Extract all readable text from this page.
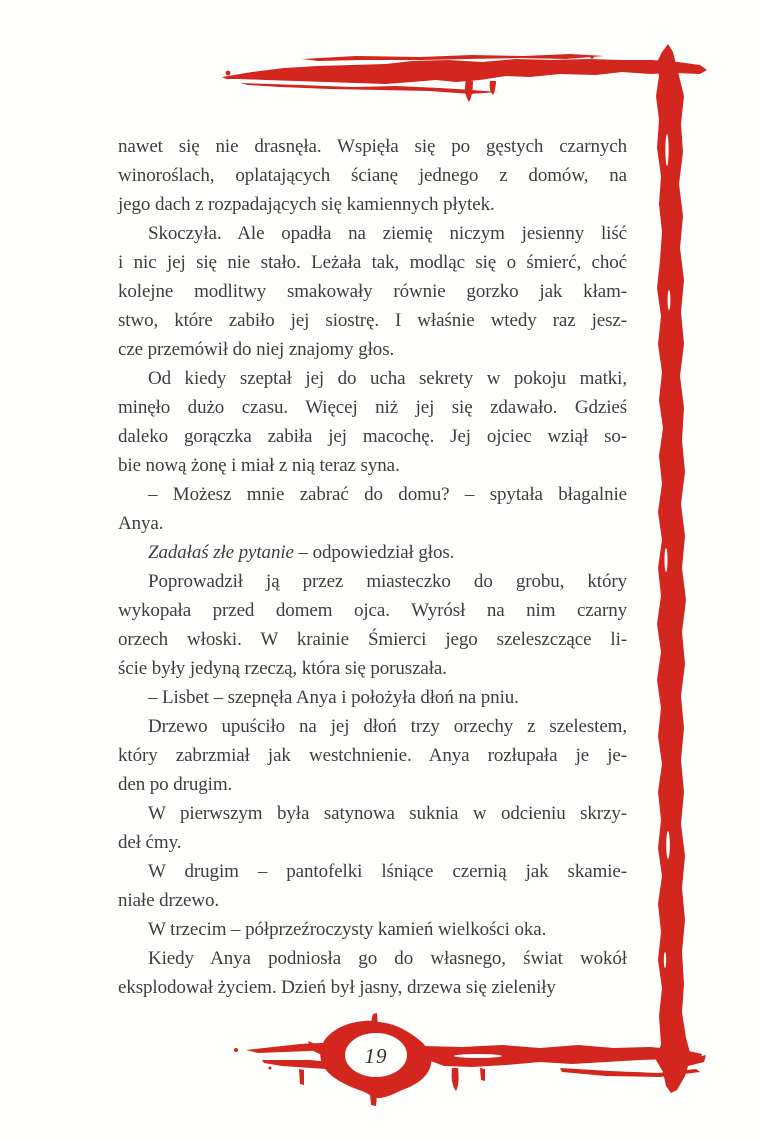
nawet się nie drasnęła. Wspięła się po gęstych czarnych
winoroślach, oplatających ścianę jednego z domów, na
jego dach z rozpadających się kamiennych płytek.
Skoczyła. Ale opadła na ziemię niczym jesienny liść
i nic jej się nie stało. Leżała tak, modląc się o śmierć, choć
kolejne modlitwy smakowały równie gorzko jak kłam-
stwo, które zabiło jej siostrę. I właśnie wtedy raz jesz-
cze przemówił do niej znajomy głos.
Od kiedy szeptał jej do ucha sekrety w pokoju matki,
minęło dużo czasu. Więcej niż jej się zdawało. Gdzieś
daleko gorączka zabiła jej macochę. Jej ojciec wziął so-
bie nową żonę i miał z nią teraz syna.
– Możesz mnie zabrać do domu? – spytała błagalnie
Anya.
Zadałaś złe pytanie – odpowiedział głos.
Poprowadził ją przez miasteczko do grobu, który
wykopała przed domem ojca. Wyrósł na nim czarny
orzech włoski. W krainie Śmierci jego szeleszczące li-
ście były jedyną rzeczą, która się poruszała.
– Lisbet – szepnęła Anya i położyła dłoń na pniu.
Drzewo upuściło na jej dłoń trzy orzechy z szelestem,
który zabrzmiał jak westchnienie. Anya rozłupała je je-
den po drugim.
W pierwszym była satynowa suknia w odcieniu skrzy-
deł ćmy.
W drugim – pantofelki lśniące czernią jak skamie-
niałe drzewo.
W trzecim – półprzeźroczysty kamień wielkości oka.
Kiedy Anya podniosła go do własnego, świat wokół
eksplodował życiem. Dzień był jasny, drzewa się zieleniły
19
